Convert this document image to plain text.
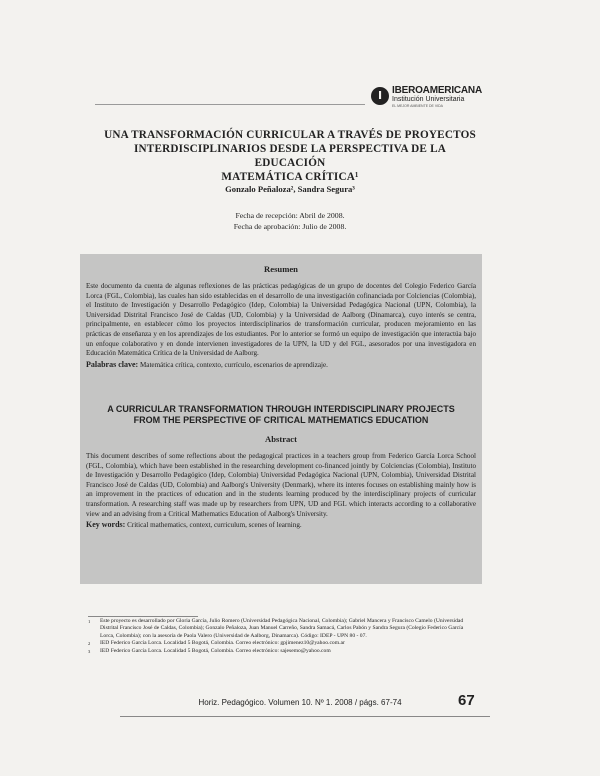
I IBEROAMERICANA
Institución Universitaria
EL MEJOR AMBIENTE DE VIDA
UNA TRANSFORMACIÓN CURRICULAR A TRAVÉS DE PROYECTOS
INTERDISCIPLINARIOS DESDE LA PERSPECTIVA DE LA EDUCACIÓN
MATEMÁTICA CRÍTICA¹
Gonzalo Peñaloza², Sandra Segura³
Fecha de recepción: Abril de 2008.
Fecha de aprobación: Julio de 2008.
Resumen
Este documento da cuenta de algunas reflexiones de las prácticas pedagógicas de un grupo de docentes del Colegio Federico García Lorca (FGL, Colombia), las cuales han sido establecidas en el desarrollo de una investigación cofinanciada por Colciencias (Colombia), el Instituto de Investigación y Desarrollo Pedagógico (Idep, Colombia) la Universidad Pedagógica Nacional (UPN, Colombia), la Universidad Distrital Francisco José de Caldas (UD, Colombia) y la Universidad de Aalborg (Dinamarca), cuyo interés se centra, principalmente, en establecer cómo los proyectos interdisciplinarios de transformación curricular, producen mejoramiento en las prácticas de enseñanza y en los aprendizajes de los estudiantes. Por lo anterior se formó un equipo de investigación que interactúa bajo un enfoque colaborativo y en donde intervienen investigadores de la UPN, la UD y del FGL, asesorados por una investigadora en Educación Matemática Crítica de la Universidad de Aalborg.
Palabras clave: Matemática crítica, contexto, currículo, escenarios de aprendizaje.
A CURRICULAR TRANSFORMATION THROUGH INTERDISCIPLINARY PROJECTS
FROM THE PERSPECTIVE OF CRITICAL MATHEMATICS EDUCATION
Abstract
This document describes of some reflections about the pedagogical practices in a teachers group from Federico García Lorca School (FGL, Colombia), which have been established in the researching development co-financed jointly by Colciencias (Colombia), Instituto de Investigación y Desarrollo Pedagógico (Idep, Colombia) Universidad Pedagógica Nacional (UPN, Colombia), Universidad Distrital Francisco José de Caldas (UD, Colombia) and Aalborg's University (Denmark), where its interes focuses on establishing mainly how is an improvement in the practices of education and in the students learning produced by the interdisciplinary projects of curricular transformation. A researching staff was made up by researchers from UPN, UD and FGL which interacts according to a collaborative view and an advising from a Critical Mathematics Education of Aalborg's University.
Key words: Critical mathematics, context, curriculum, scenes of learning.
1	Este proyecto es desarrollado por Gloria García, Julio Romero (Universidad Pedagógica Nacional, Colombia); Gabriel Mancera y Francisco Camelo (Universidad Distrital Francisco José de Caldas, Colombia); Gonzalo Peñaloza, Juan Manuel Carreño, Sandra Samacá, Carlos Pabón y Sandra Segura (Colegio Federico García Lorca, Colombia); con la asesoría de Paola Valero (Universidad de Aalborg, Dinamarca). Código: IDEP - UPN 80 - 07.
2	IED Federico García Lorca. Localidad 5 Bogotá, Colombia. Correo electrónico: gpjimenez10@yahoo.com.ar
3	IED Federico García Lorca. Localidad 5 Bogotá, Colombia. Correo electrónico: sajesemo@yahoo.com
Horiz. Pedagógico. Volumen 10. Nº 1. 2008 / págs. 67-74	67
